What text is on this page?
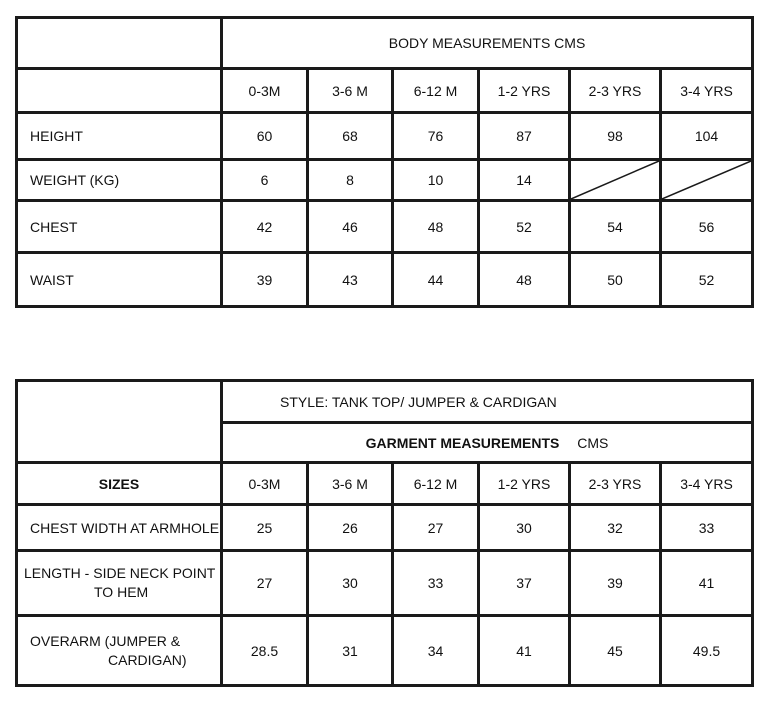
	BODY MEASUREMENTS CMS					
	0-3M	3-6 M	6-12 M	1-2 YRS	2-3 YRS	3-4 YRS
HEIGHT	60	68	76	87	98	104
WEIGHT (KG)	6	8	10	14	

CHEST	42	46	48	52	54	56
WAIST	39	43	44	48	50	52
	STYLE: TANK TOP/ JUMPER & CARDIGAN					
	GARMENT MEASUREMENTS CMS					
SIZES	0-3M	3-6 M	6-12 M	1-2 YRS	2-3 YRS	3-4 YRS
CHEST WIDTH AT ARMHOLE	25	26	27	30	32	33
LENGTH - SIDE NECK POINT
TO HEM	27	30	33	37	39	41
OVERARM (JUMPER &
CARDIGAN)	28.5	31	34	41	45	49.5
